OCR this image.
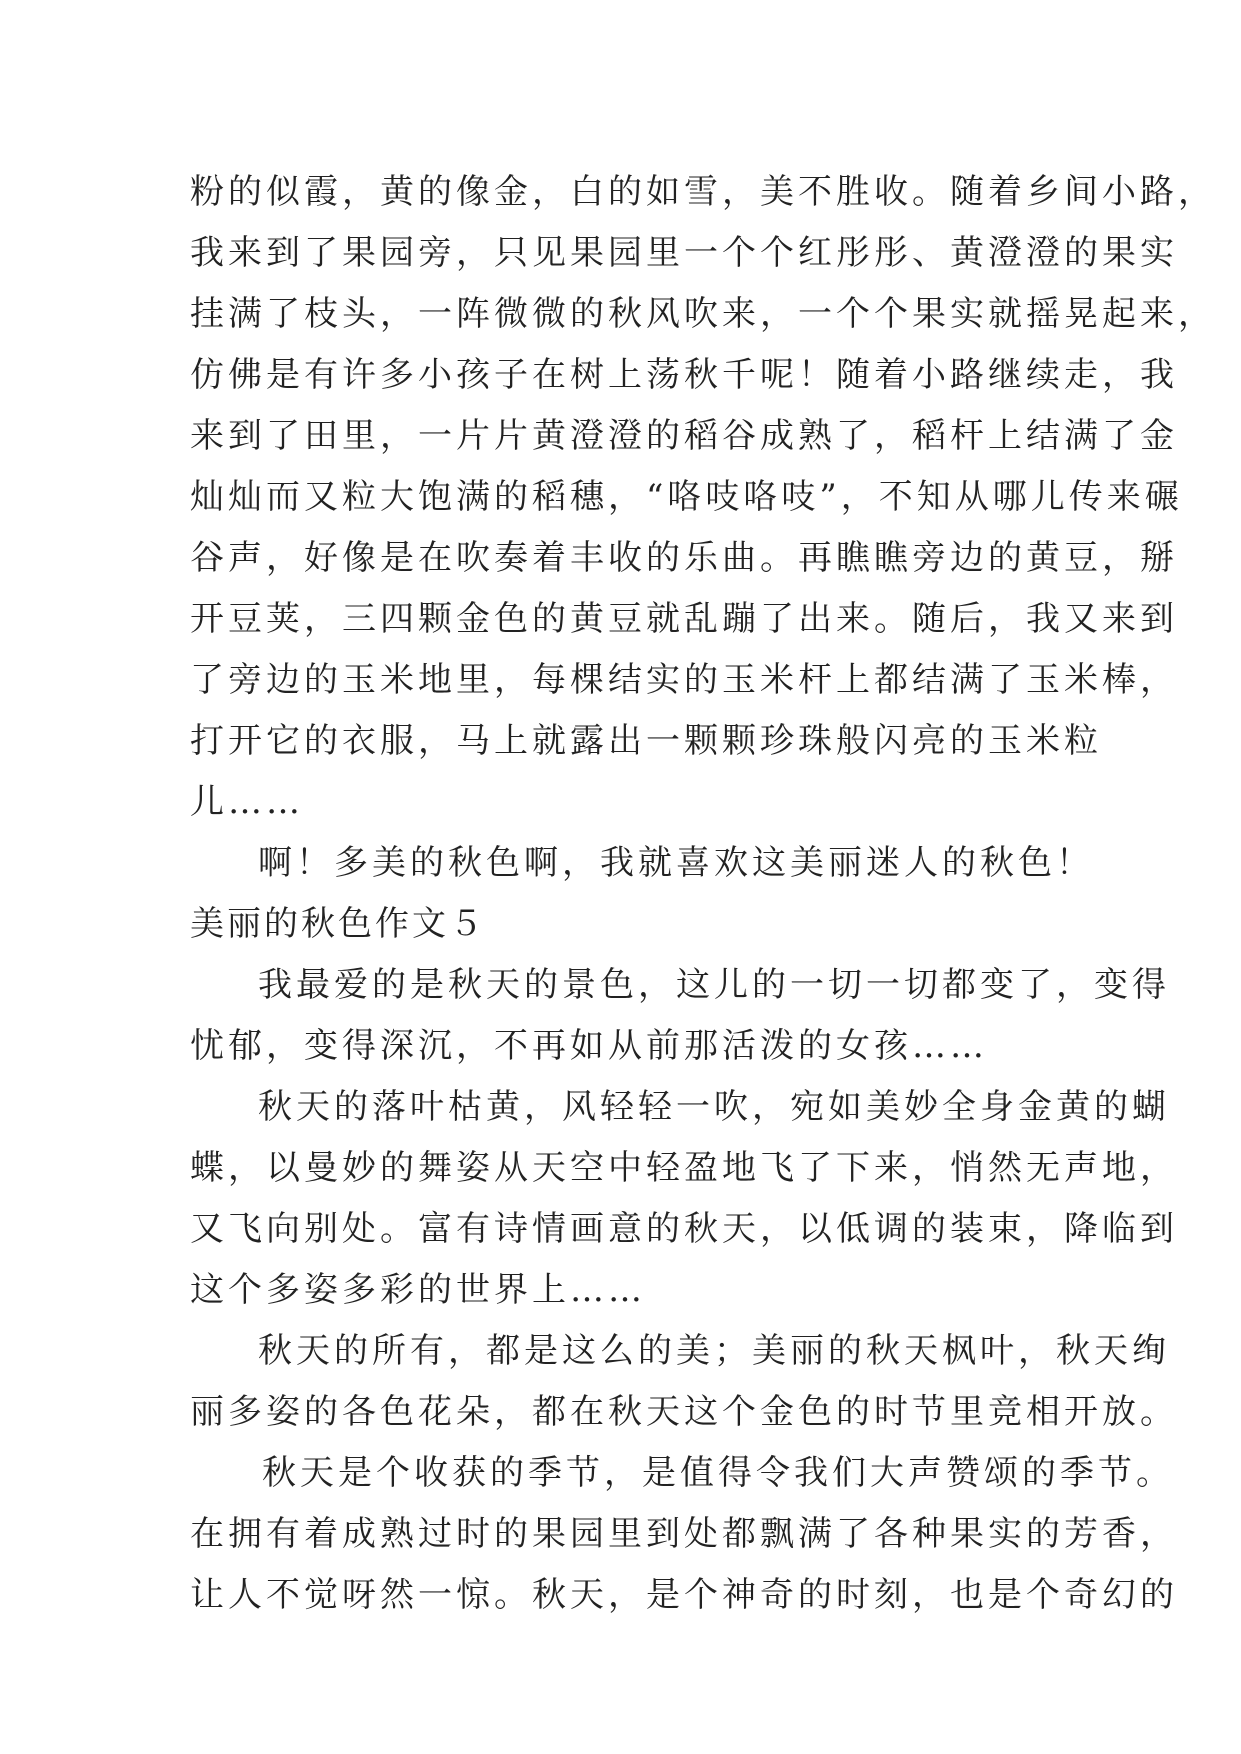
粉的似霞，黄的像金，白的如雪，美不胜收。随着乡间小路，
我来到了果园旁，只见果园里一个个红彤彤、黄澄澄的果实
挂满了枝头，一阵微微的秋风吹来，一个个果实就摇晃起来，
仿佛是有许多小孩子在树上荡秋千呢！随着小路继续走，我
来到了田里，一片片黄澄澄的稻谷成熟了，稻杆上结满了金
灿灿而又粒大饱满的稻穗，“咯吱咯吱”，不知从哪儿传来碾
谷声，好像是在吹奏着丰收的乐曲。再瞧瞧旁边的黄豆，掰
开豆荚，三四颗金色的黄豆就乱蹦了出来。随后，我又来到
了旁边的玉米地里，每棵结实的玉米杆上都结满了玉米棒，
打开它的衣服，马上就露出一颗颗珍珠般闪亮的玉米粒
儿……
啊！多美的秋色啊，我就喜欢这美丽迷人的秋色！
美丽的秋色作文５
我最爱的是秋天的景色，这儿的一切一切都变了，变得
忧郁，变得深沉，不再如从前那活泼的女孩……
秋天的落叶枯黄，风轻轻一吹，宛如美妙全身金黄的蝴
蝶，以曼妙的舞姿从天空中轻盈地飞了下来，悄然无声地，
又飞向别处。富有诗情画意的秋天，以低调的装束，降临到
这个多姿多彩的世界上……
秋天的所有，都是这么的美；美丽的秋天枫叶，秋天绚
丽多姿的各色花朵，都在秋天这个金色的时节里竞相开放。
秋天是个收获的季节，是值得令我们大声赞颂的季节。
在拥有着成熟过时的果园里到处都飘满了各种果实的芳香，
让人不觉呀然一惊。秋天，是个神奇的时刻，也是个奇幻的
